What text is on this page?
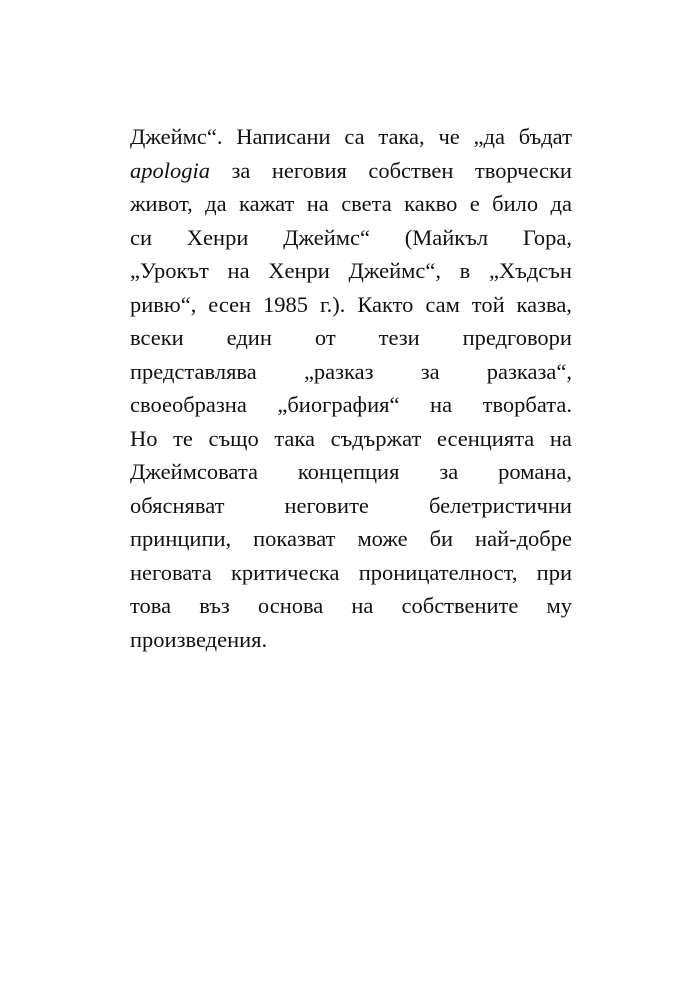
Джеймс“. Написани са така, че „да бъдат
apologia за неговия собствен творчески
живот, да кажат на света какво е било да
си Хенри Джеймс“ (Майкъл Гора,
„Урокът на Хенри Джеймс“, в „Хъдсън
ривю“, есен 1985 г.). Както сам той казва,
всеки един от тези предговори
представлява „разказ за разказа“,
своеобразна „биография“ на творбата.
Но те също така съдържат есенцията на
Джеймсовата концепция за романа,
обясняват	неговите	белетристични
принципи, показват може би най-добре
неговата критическа проницателност, при
това въз основа на собствените му
произведения.
